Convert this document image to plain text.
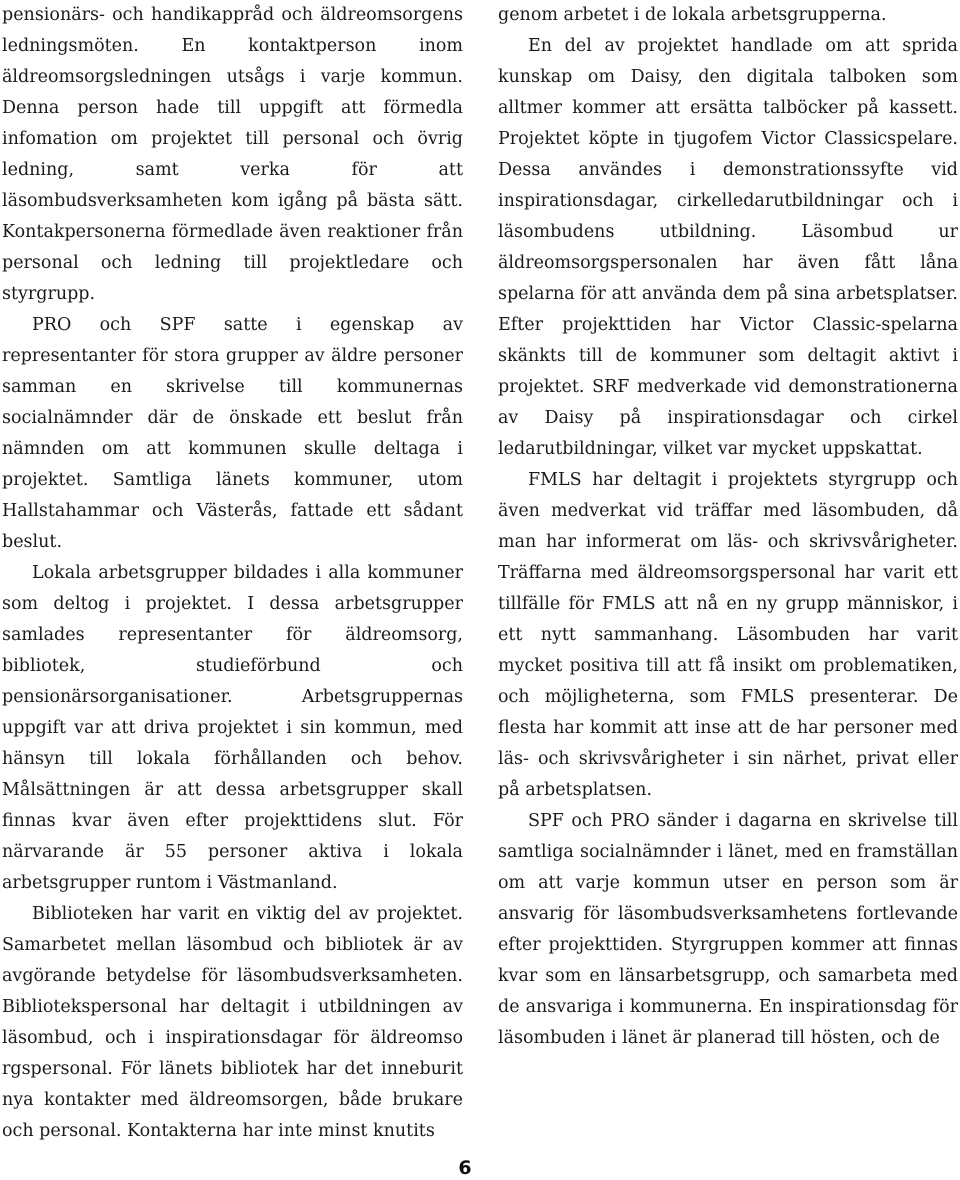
pensionärs- och handikappråd och äldreomsorgens ledningsmöten. En kontaktperson inom äldreomsorgsledningen utsågs i varje kommun. Denna person hade till uppgift att förmedla infomation om projektet till personal och övrig ledning, samt verka för att läsombudsverksamheten kom igång på bästa sätt. Kontakpersonerna förmedlade även reaktioner från personal och ledning till projektledare och styrgrupp.

PRO och SPF satte i egenskap av representanter för stora grupper av äldre personer samman en skrivelse till kommunernas socialnämnder där de önskade ett beslut från nämnden om att kommunen skulle deltaga i projektet. Samtliga länets kommuner, utom Hallstahammar och Västerås, fattade ett sådant beslut.

Lokala arbetsgrupper bildades i alla kommuner som deltog i projektet. I dessa arbetsgrupper samlades representanter för äldreomsorg, bibliotek, studieförbund och pensionärsorganisationer. Arbetsgruppernas uppgift var att driva projektet i sin kommun, med hänsyn till lokala förhållanden och behov. Målsättningen är att dessa arbetsgrupper skall finnas kvar även efter projekttidens slut. För närvarande är 55 personer aktiva i lokala arbetsgrupper runtom i Västmanland.

Biblioteken har varit en viktig del av projektet. Samarbetet mellan läsombud och bibliotek är av avgörande betydelse för läsombudsverksamheten. Bibliotekspersonal har deltagit i utbildningen av läsombud, och i inspirationsdagar för äldreomso rgspersonal. För länets bibliotek har det inneburit nya kontakter med äldreomsorgen, både brukare och personal. Kontakterna har inte minst knutits

genom arbetet i de lokala arbetsgrupperna.

En del av projektet handlade om att sprida kunskap om Daisy, den digitala talboken som alltmer kommer att ersätta talböcker på kassett. Projektet köpte in tjugofem Victor Classicspelare. Dessa användes i demonstrationssyfte vid inspirationsdagar, cirkelledarutbildningar och i läsombudens utbildning. Läsombud ur äldreomsorgspersonalen har även fått låna spelarna för att använda dem på sina arbetsplatser. Efter projekttiden har Victor Classic-spelarna skänkts till de kommuner som deltagit aktivt i projektet. SRF medverkade vid demonstrationerna av Daisy på inspirationsdagar och cirkel ledarutbildningar, vilket var mycket uppskattat.

FMLS har deltagit i projektets styrgrupp och även medverkat vid träffar med läsombuden, då man har informerat om läs- och skrivsvårigheter. Träffarna med äldreomsorgspersonal har varit ett tillfälle för FMLS att nå en ny grupp människor, i ett nytt sammanhang. Läsombuden har varit mycket positiva till att få insikt om problematiken, och möjligheterna, som FMLS presenterar. De flesta har kommit att inse att de har personer med läs- och skrivsvårigheter i sin närhet, privat eller på arbetsplatsen.

SPF och PRO sänder i dagarna en skrivelse till samtliga socialnämnder i länet, med en framställan om att varje kommun utser en person som är ansvarig för läsombudsverksamhetens fortlevande efter projekttiden. Styrgruppen kommer att finnas kvar som en länsarbetsgrupp, och samarbeta med de ansvariga i kommunerna. En inspirationsdag för läsombuden i länet är planerad till hösten, och de

6
